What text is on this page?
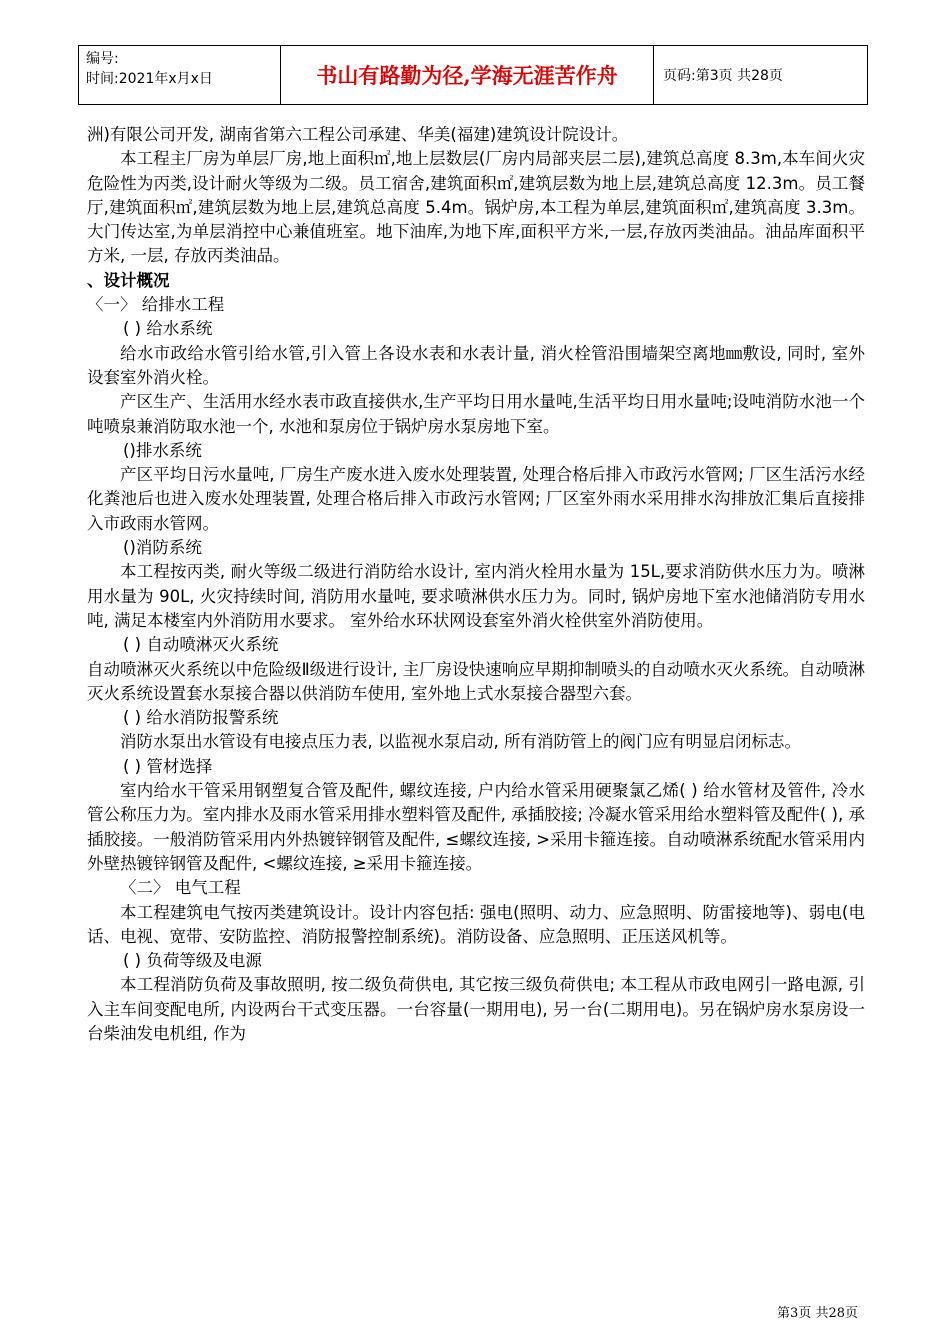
编号:
时间:2021年x月x日	书山有路勤为径,学海无涯苦作舟	页码:第3页 共28页

洲)有限公司开发, 湖南省第六工程公司承建、华美(福建)建筑设计院设计。

本工程主厂房为单层厂房,地上面积㎡,地上层数层(厂房内局部夹层二层),建筑总高度 8.3m,本车间火灾危险性为丙类,设计耐火等级为二级。员工宿舍,建筑面积㎡,建筑层数为地上层,建筑总高度 12.3m。员工餐厅,建筑面积㎡,建筑层数为地上层,建筑总高度 5.4m。锅炉房,本工程为单层,建筑面积㎡,建筑高度 3.3m。大门传达室,为单层消控中心兼值班室。地下油库,为地下库,面积平方米,一层,存放丙类油品。油品库面积平方米, 一层, 存放丙类油品。

、设计概况

〈一〉 给排水工程

( ) 给水系统

给水市政给水管引给水管,引入管上各设水表和水表计量, 消火栓管沿围墙架空离地㎜敷设, 同时, 室外设套室外消火栓。

产区生产、生活用水经水表市政直接供水,生产平均日用水量吨,生活平均日用水量吨;设吨消防水池一个吨喷泉兼消防取水池一个, 水池和泵房位于锅炉房水泵房地下室。

()排水系统

产区平均日污水量吨, 厂房生产废水进入废水处理装置, 处理合格后排入市政污水管网; 厂区生活污水经化粪池后也进入废水处理装置, 处理合格后排入市政污水管网; 厂区室外雨水采用排水沟排放汇集后直接排入市政雨水管网。

()消防系统

本工程按丙类, 耐火等级二级进行消防给水设计, 室内消火栓用水量为 15L,要求消防供水压力为。喷淋用水量为 90L, 火灾持续时间, 消防用水量吨, 要求喷淋供水压力为。同时, 锅炉房地下室水池储消防专用水吨, 满足本楼室内外消防用水要求。 室外给水环状网设套室外消火栓供室外消防使用。

( ) 自动喷淋灭火系统

自动喷淋灭火系统以中危险级Ⅱ级进行设计, 主厂房设快速响应早期抑制喷头的自动喷水灭火系统。自动喷淋灭火系统设置套水泵接合器以供消防车使用, 室外地上式水泵接合器型六套。

( ) 给水消防报警系统

消防水泵出水管设有电接点压力表, 以监视水泵启动, 所有消防管上的阀门应有明显启闭标志。

( ) 管材选择

室内给水干管采用钢塑复合管及配件, 螺纹连接, 户内给水管采用硬聚氯乙烯( ) 给水管材及管件, 冷水管公称压力为。室内排水及雨水管采用排水塑料管及配件, 承插胶接; 冷凝水管采用给水塑料管及配件( ), 承插胶接。一般消防管采用内外热镀锌钢管及配件, ≤螺纹连接, >采用卡箍连接。自动喷淋系统配水管采用内外壁热镀锌钢管及配件, <螺纹连接, ≥采用卡箍连接。

〈二〉 电气工程

本工程建筑电气按丙类建筑设计。设计内容包括: 强电(照明、动力、应急照明、防雷接地等)、弱电(电话、电视、宽带、安防监控、消防报警控制系统)。消防设备、应急照明、正压送风机等。

( ) 负荷等级及电源

本工程消防负荷及事故照明, 按二级负荷供电, 其它按三级负荷供电; 本工程从市政电网引一路电源, 引入主车间变配电所, 内设两台干式变压器。一台容量(一期用电), 另一台(二期用电)。另在锅炉房水泵房设一台柴油发电机组, 作为

第3页 共28页
